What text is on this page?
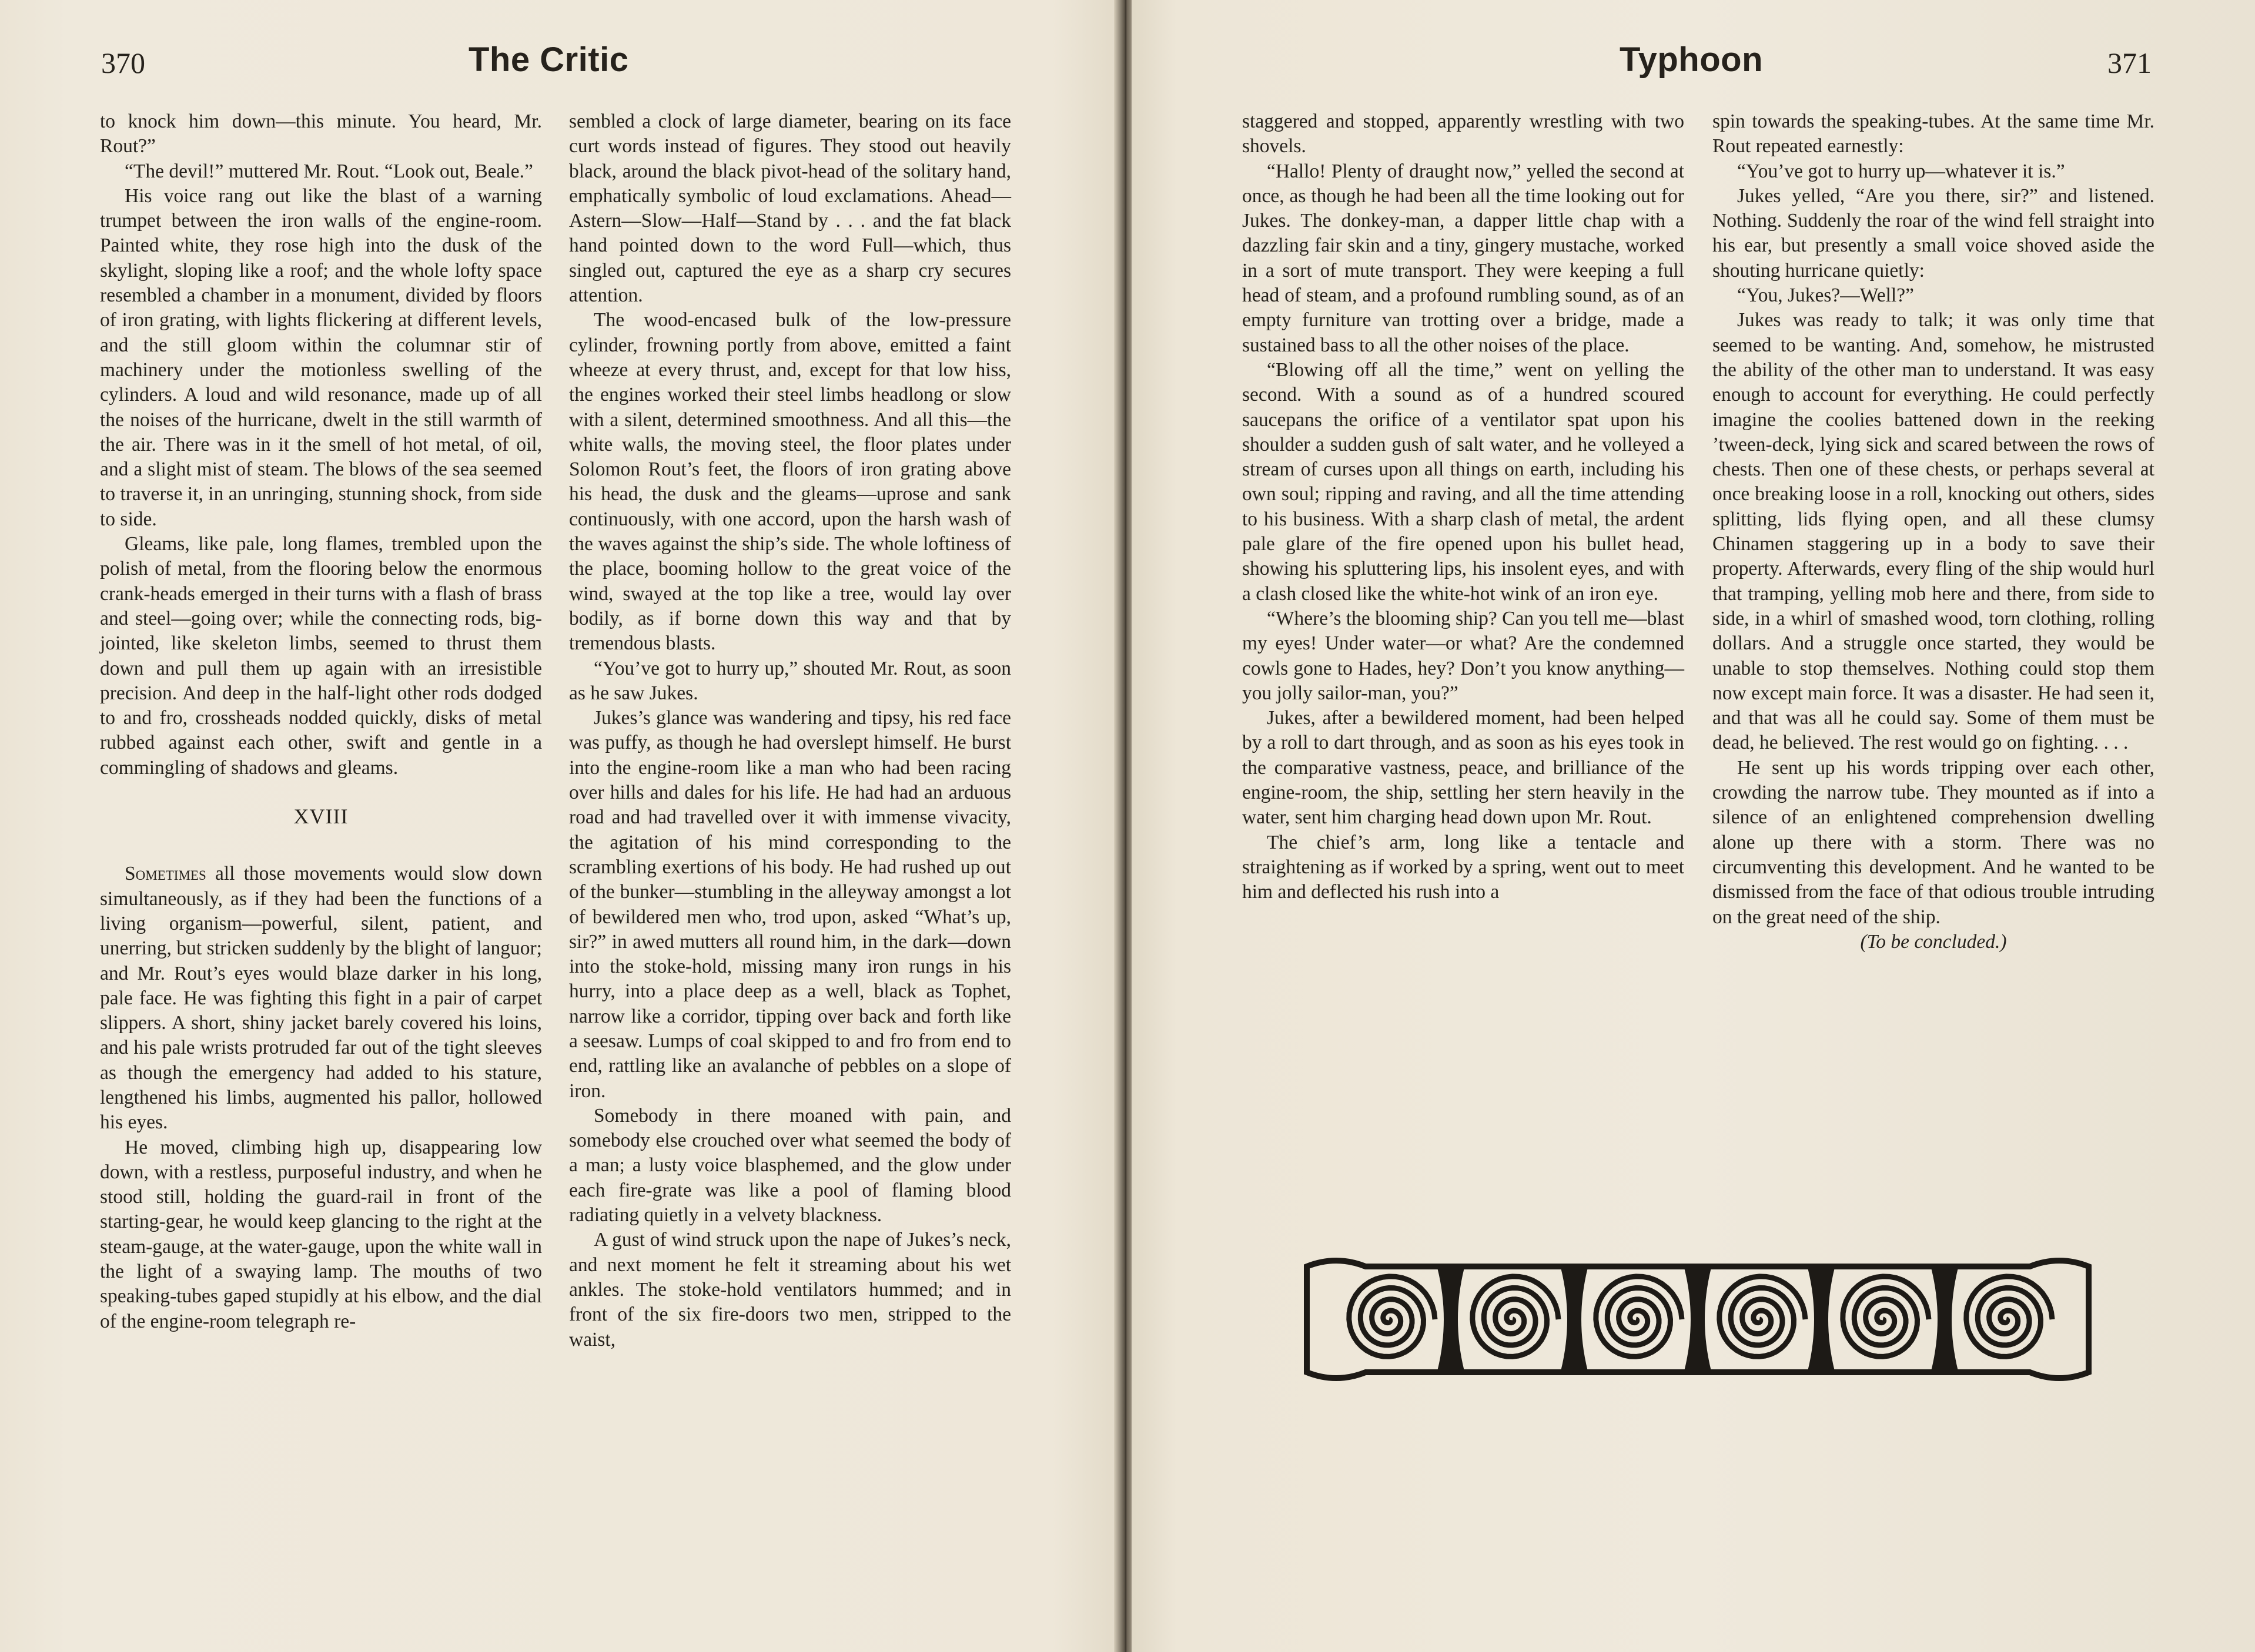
370	The Critic

to knock him down—this minute. You heard, Mr. Rout?”

“The devil!” muttered Mr. Rout. “Look out, Beale.”

His voice rang out like the blast of a warning trumpet between the iron walls of the engine-room. Painted white, they rose high into the dusk of the skylight, sloping like a roof; and the whole lofty space resembled a chamber in a monument, divided by floors of iron grating, with lights flickering at different levels, and the still gloom within the columnar stir of machinery under the motionless swelling of the cylinders. A loud and wild resonance, made up of all the noises of the hurricane, dwelt in the still warmth of the air. There was in it the smell of hot metal, of oil, and a slight mist of steam. The blows of the sea seemed to traverse it, in an unringing, stunning shock, from side to side.

Gleams, like pale, long flames, trembled upon the polish of metal, from the flooring below the enormous crank-heads emerged in their turns with a flash of brass and steel—going over; while the connecting rods, big-jointed, like skeleton limbs, seemed to thrust them down and pull them up again with an irresistible precision. And deep in the half-light other rods dodged to and fro, crossheads nodded quickly, disks of metal rubbed against each other, swift and gentle in a commingling of shadows and gleams.

XVIII

Sometimes all those movements would slow down simultaneously, as if they had been the functions of a living organism—powerful, silent, patient, and unerring, but stricken suddenly by the blight of languor; and Mr. Rout’s eyes would blaze darker in his long, pale face. He was fighting this fight in a pair of carpet slippers. A short, shiny jacket barely covered his loins, and his pale wrists protruded far out of the tight sleeves as though the emergency had added to his stature, lengthened his limbs, augmented his pallor, hollowed his eyes.

He moved, climbing high up, disappearing low down, with a restless, purposeful industry, and when he stood still, holding the guard-rail in front of the starting-gear, he would keep glancing to the right at the steam-gauge, at the water-gauge, upon the white wall in the light of a swaying lamp. The mouths of two speaking-tubes gaped stupidly at his elbow, and the dial of the engine-room telegraph re-

sembled a clock of large diameter, bearing on its face curt words instead of figures. They stood out heavily black, around the black pivot-head of the solitary hand, emphatically symbolic of loud exclamations. Ahead—Astern—Slow—Half—Stand by . . . and the fat black hand pointed down to the word Full—which, thus singled out, captured the eye as a sharp cry secures attention.

The wood-encased bulk of the low-pressure cylinder, frowning portly from above, emitted a faint wheeze at every thrust, and, except for that low hiss, the engines worked their steel limbs headlong or slow with a silent, determined smoothness. And all this—the white walls, the moving steel, the floor plates under Solomon Rout’s feet, the floors of iron grating above his head, the dusk and the gleams—uprose and sank continuously, with one accord, upon the harsh wash of the waves against the ship’s side. The whole loftiness of the place, booming hollow to the great voice of the wind, swayed at the top like a tree, would lay over bodily, as if borne down this way and that by tremendous blasts.

“You’ve got to hurry up,” shouted Mr. Rout, as soon as he saw Jukes.

Jukes’s glance was wandering and tipsy, his red face was puffy, as though he had overslept himself. He burst into the engine-room like a man who had been racing over hills and dales for his life. He had had an arduous road and had travelled over it with immense vivacity, the agitation of his mind corresponding to the scrambling exertions of his body. He had rushed up out of the bunker—stumbling in the alleyway amongst a lot of bewildered men who, trod upon, asked “What’s up, sir?” in awed mutters all round him, in the dark—down into the stoke-hold, missing many iron rungs in his hurry, into a place deep as a well, black as Tophet, narrow like a corridor, tipping over back and forth like a seesaw. Lumps of coal skipped to and fro from end to end, rattling like an avalanche of pebbles on a slope of iron.

Somebody in there moaned with pain, and somebody else crouched over what seemed the body of a man; a lusty voice blasphemed, and the glow under each fire-grate was like a pool of flaming blood radiating quietly in a velvety blackness.

A gust of wind struck upon the nape of Jukes’s neck, and next moment he felt it streaming about his wet ankles. The stoke-hold ventilators hummed; and in front of the six fire-doors two men, stripped to the waist,

Typhoon	371

staggered and stopped, apparently wrestling with two shovels.

“Hallo! Plenty of draught now,” yelled the second at once, as though he had been all the time looking out for Jukes. The donkey-man, a dapper little chap with a dazzling fair skin and a tiny, gingery mustache, worked in a sort of mute transport. They were keeping a full head of steam, and a profound rumbling sound, as of an empty furniture van trotting over a bridge, made a sustained bass to all the other noises of the place.

“Blowing off all the time,” went on yelling the second. With a sound as of a hundred scoured saucepans the orifice of a ventilator spat upon his shoulder a sudden gush of salt water, and he volleyed a stream of curses upon all things on earth, including his own soul; ripping and raving, and all the time attending to his business. With a sharp clash of metal, the ardent pale glare of the fire opened upon his bullet head, showing his spluttering lips, his insolent eyes, and with a clash closed like the white-hot wink of an iron eye.

“Where’s the blooming ship? Can you tell me—blast my eyes! Under water—or what? Are the condemned cowls gone to Hades, hey? Don’t you know anything—you jolly sailor-man, you?”

Jukes, after a bewildered moment, had been helped by a roll to dart through, and as soon as his eyes took in the comparative vastness, peace, and brilliance of the engine-room, the ship, settling her stern heavily in the water, sent him charging head down upon Mr. Rout.

The chief’s arm, long like a tentacle and straightening as if worked by a spring, went out to meet him and deflected his rush into a

spin towards the speaking-tubes. At the same time Mr. Rout repeated earnestly:

“You’ve got to hurry up—whatever it is.”

Jukes yelled, “Are you there, sir?” and listened. Nothing. Suddenly the roar of the wind fell straight into his ear, but presently a small voice shoved aside the shouting hurricane quietly:

“You, Jukes?—Well?”

Jukes was ready to talk; it was only time that seemed to be wanting. And, somehow, he mistrusted the ability of the other man to understand. It was easy enough to account for everything. He could perfectly imagine the coolies battened down in the reeking ’tween-deck, lying sick and scared between the rows of chests. Then one of these chests, or perhaps several at once breaking loose in a roll, knocking out others, sides splitting, lids flying open, and all these clumsy Chinamen staggering up in a body to save their property. Afterwards, every fling of the ship would hurl that tramping, yelling mob here and there, from side to side, in a whirl of smashed wood, torn clothing, rolling dollars. And a struggle once started, they would be unable to stop themselves. Nothing could stop them now except main force. It was a disaster. He had seen it, and that was all he could say. Some of them must be dead, he believed. The rest would go on fighting. . . .

He sent up his words tripping over each other, crowding the narrow tube. They mounted as if into a silence of an enlightened comprehension dwelling alone up there with a storm. There was no circumventing this development. And he wanted to be dismissed from the face of that odious trouble intruding on the great need of the ship.

(To be concluded.)
